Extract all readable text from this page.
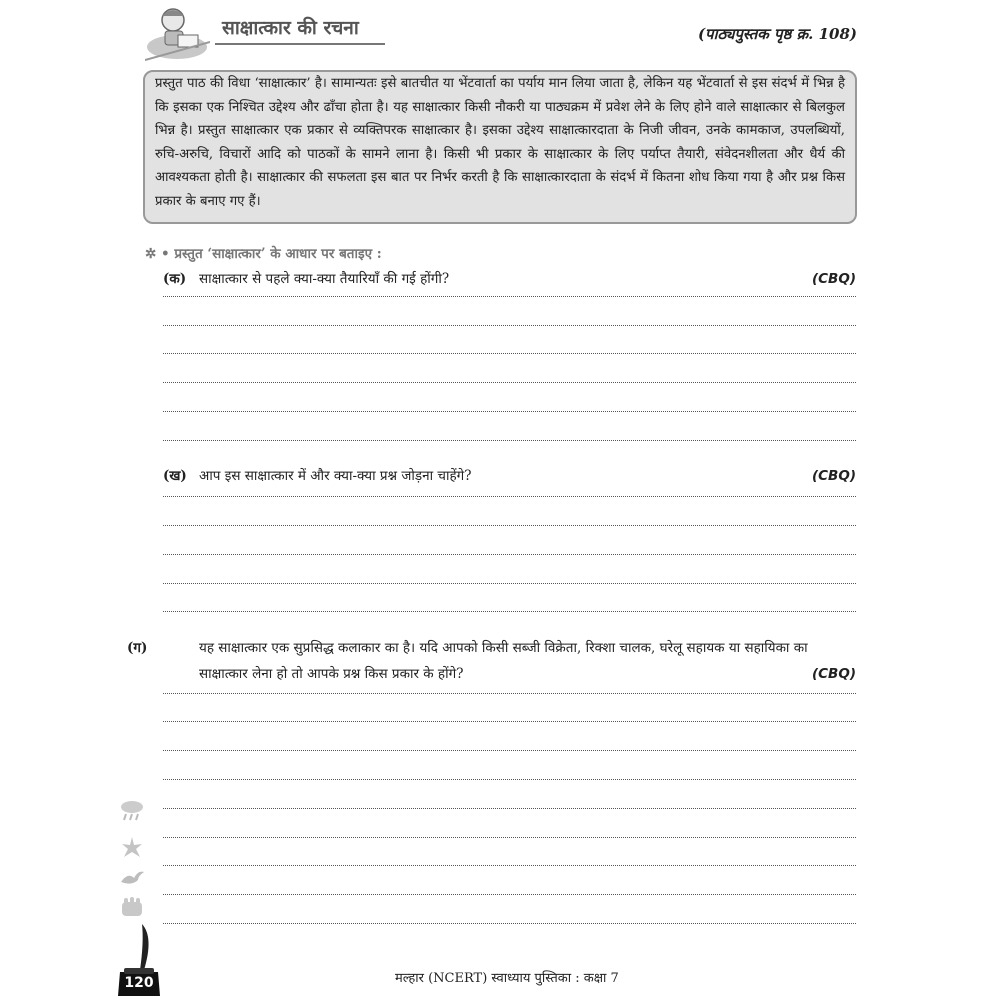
साक्षात्कार की रचना	(पाठ्यपुस्तक पृष्ठ क्र. 108)
प्रस्तुत पाठ की विधा ‘साक्षात्कार’ है। सामान्यतः इसे बातचीत या भेंटवार्ता का पर्याय मान लिया जाता है, लेकिन यह भेंटवार्ता से इस संदर्भ में भिन्न है कि इसका एक निश्चित उद्देश्य और ढाँचा होता है। यह साक्षात्कार किसी नौकरी या पाठ्यक्रम में प्रवेश लेने के लिए होने वाले साक्षात्कार से बिलकुल भिन्न है। प्रस्तुत साक्षात्कार एक प्रकार से व्यक्तिपरक साक्षात्कार है। इसका उद्देश्य साक्षात्कारदाता के निजी जीवन, उनके कामकाज, उपलब्धियों, रुचि-अरुचि, विचारों आदि को पाठकों के सामने लाना है। किसी भी प्रकार के साक्षात्कार के लिए पर्याप्त तैयारी, संवेदनशीलता और धैर्य की आवश्यकता होती है। साक्षात्कार की सफलता इस बात पर निर्भर करती है कि साक्षात्कारदाता के संदर्भ में कितना शोध किया गया है और प्रश्न किस प्रकार के बनाए गए हैं।
✲ • प्रस्तुत ‘साक्षात्कार’ के आधार पर बताइए :
(क) साक्षात्कार से पहले क्या-क्या तैयारियाँ की गई होंगी?	(CBQ)
(ख) आप इस साक्षात्कार में और क्या-क्या प्रश्न जोड़ना चाहेंगे?	(CBQ)
(ग)	यह साक्षात्कार एक सुप्रसिद्ध कलाकार का है। यदि आपको किसी सब्जी विक्रेता, रिक्शा चालक, घरेलू सहायक या सहायिका का साक्षात्कार लेना हो तो आपके प्रश्न किस प्रकार के होंगे?	(CBQ)
120	मल्हार (NCERT) स्वाध्याय पुस्तिका : कक्षा 7
